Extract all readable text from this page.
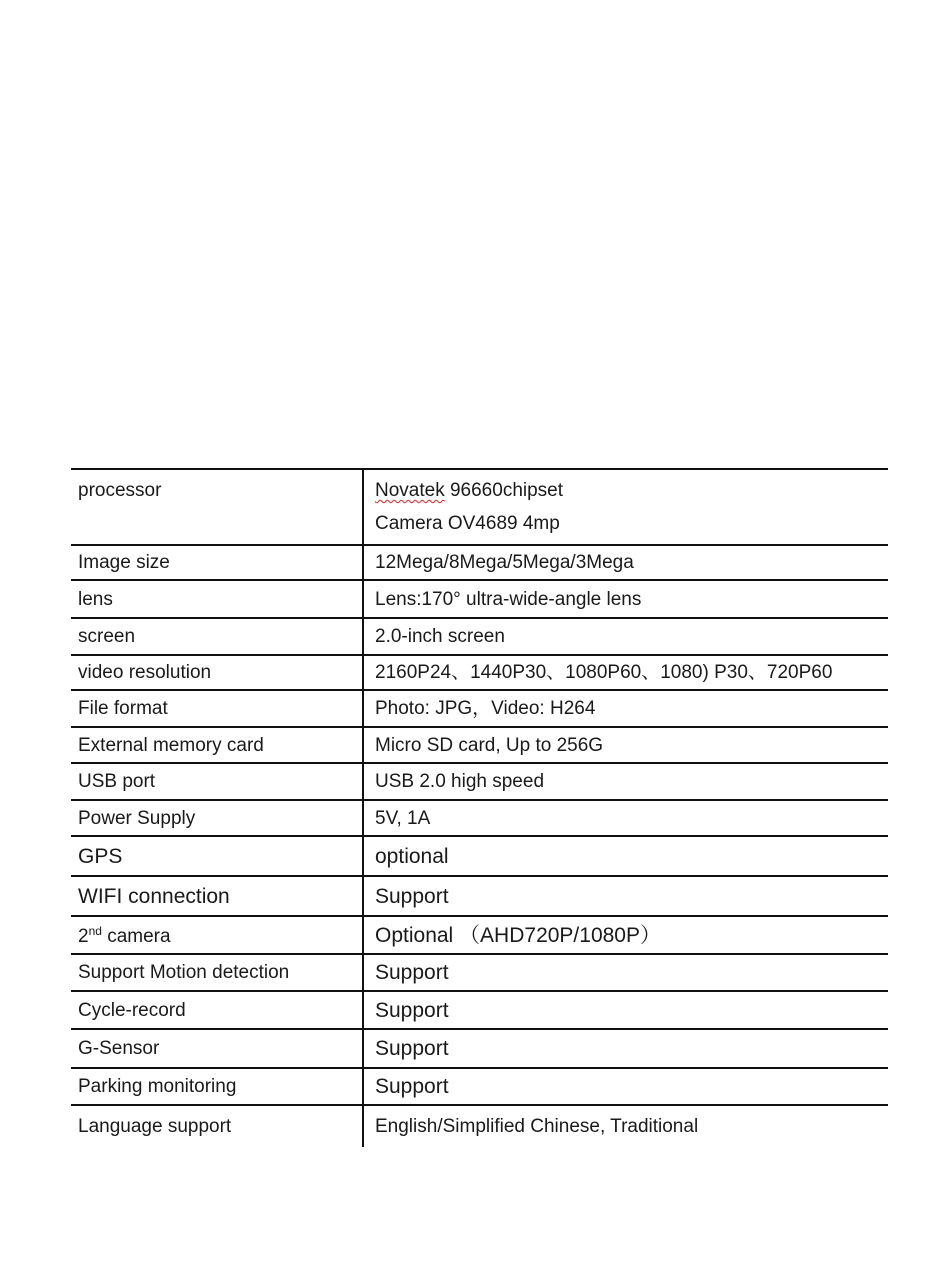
processor	Novatek 96660chipset
Camera OV4689 4mp

Image size	12Mega/8Mega/5Mega/3Mega
lens	Lens:170° ultra-wide-angle lens
screen	2.0-inch screen
video resolution	2160P24、1440P30、1080P60、1080) P30、720P60
File format	Photo: JPG，Video: H264
External memory card	Micro SD card, Up to 256G
USB port	USB 2.0 high speed
Power Supply	5V, 1A
GPS	optional
WIFI connection	Support
2nd camera	Optional （AHD720P/1080P）
Support Motion detection	Support
Cycle-record	Support
G-Sensor	Support
Parking monitoring	Support
Language support	English/Simplified Chinese, Traditional
